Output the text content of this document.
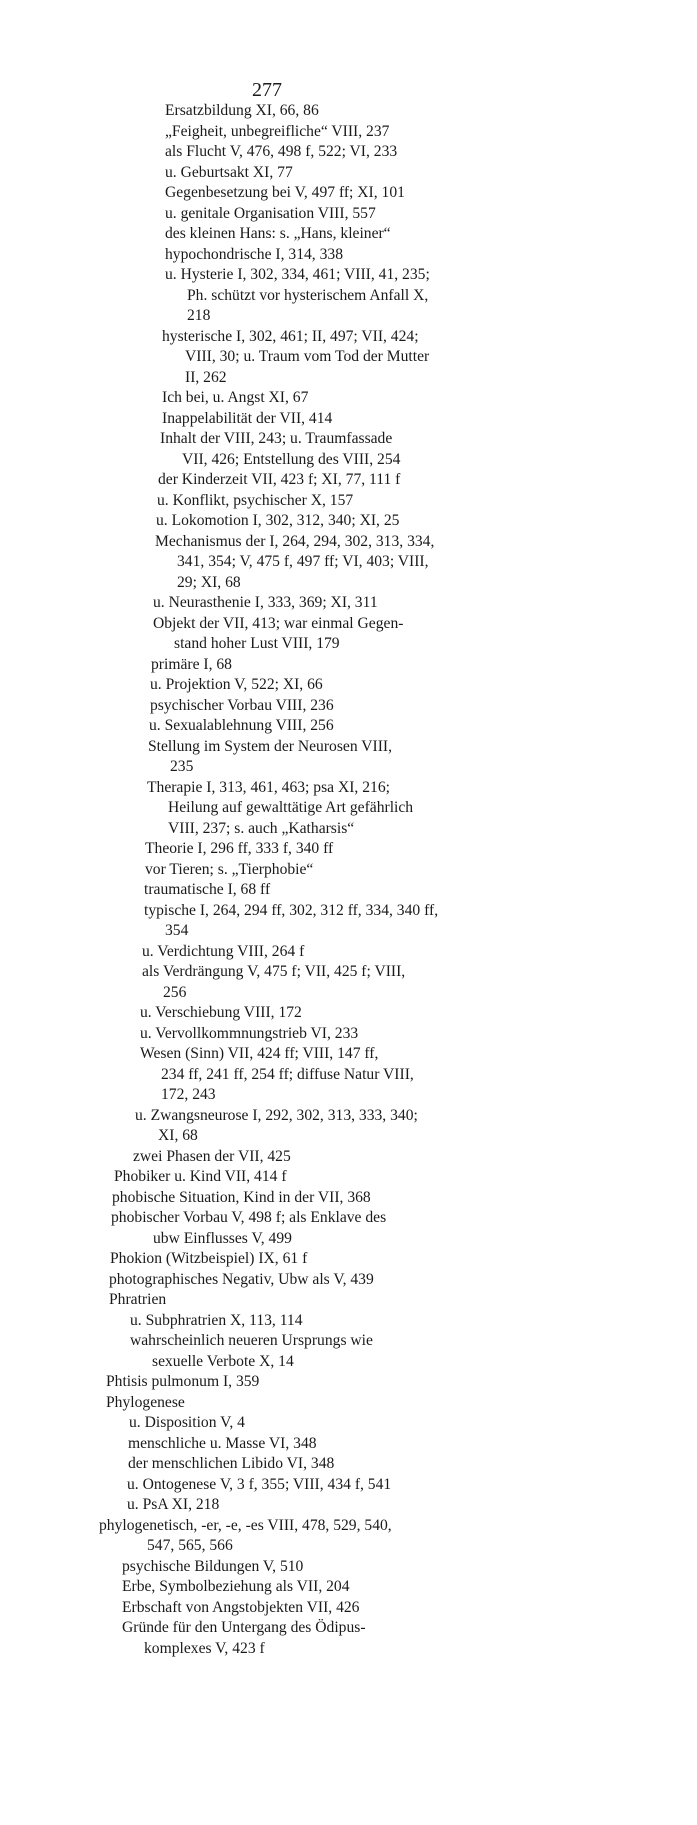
277
Ersatzbildung XI, 66, 86
„Feigheit, unbegreifliche“ VIII, 237
als Flucht V, 476, 498 f, 522; VI, 233
u. Geburtsakt XI, 77
Gegenbesetzung bei V, 497 ff; XI, 101
u. genitale Organisation VIII, 557
des kleinen Hans: s. „Hans, kleiner“
hypochondrische I, 314, 338
u. Hysterie I, 302, 334, 461; VIII, 41, 235;
Ph. schützt vor hysterischem Anfall X,
218
hysterische I, 302, 461; II, 497; VII, 424;
VIII, 30; u. Traum vom Tod der Mutter
II, 262
Ich bei, u. Angst XI, 67
Inappelabilität der VII, 414
Inhalt der VIII, 243; u. Traumfassade
VII, 426; Entstellung des VIII, 254
der Kinderzeit VII, 423 f; XI, 77, 111 f
u. Konflikt, psychischer X, 157
u. Lokomotion I, 302, 312, 340; XI, 25
Mechanismus der I, 264, 294, 302, 313, 334,
341, 354; V, 475 f, 497 ff; VI, 403; VIII,
29; XI, 68
u. Neurasthenie I, 333, 369; XI, 311
Objekt der VII, 413; war einmal Gegen-
stand hoher Lust VIII, 179
primäre I, 68
u. Projektion V, 522; XI, 66
psychischer Vorbau VIII, 236
u. Sexualablehnung VIII, 256
Stellung im System der Neurosen VIII,
235
Therapie I, 313, 461, 463; psa XI, 216;
Heilung auf gewalttätige Art gefährlich
VIII, 237; s. auch „Katharsis“
Theorie I, 296 ff, 333 f, 340 ff
vor Tieren; s. „Tierphobie“
traumatische I, 68 ff
typische I, 264, 294 ff, 302, 312 ff, 334, 340 ff,
354
u. Verdichtung VIII, 264 f
als Verdrängung V, 475 f; VII, 425 f; VIII,
256
u. Verschiebung VIII, 172
u. Vervollkommnungstrieb VI, 233
Wesen (Sinn) VII, 424 ff; VIII, 147 ff,
234 ff, 241 ff, 254 ff; diffuse Natur VIII,
172, 243
u. Zwangsneurose I, 292, 302, 313, 333, 340;
XI, 68
zwei Phasen der VII, 425
Phobiker u. Kind VII, 414 f
phobische Situation, Kind in der VII, 368
phobischer Vorbau V, 498 f; als Enklave des
ubw Einflusses V, 499
Phokion (Witzbeispiel) IX, 61 f
photographisches Negativ, Ubw als V, 439
Phratrien
u. Subphratrien X, 113, 114
wahrscheinlich neueren Ursprungs wie
sexuelle Verbote X, 14
Phtisis pulmonum I, 359
Phylogenese
u. Disposition V, 4
menschliche u. Masse VI, 348
der menschlichen Libido VI, 348
u. Ontogenese V, 3 f, 355; VIII, 434 f, 541
u. PsA XI, 218
phylogenetisch, -er, -e, -es VIII, 478, 529, 540,
547, 565, 566
psychische Bildungen V, 510
Erbe, Symbolbeziehung als VII, 204
Erbschaft von Angstobjekten VII, 426
Gründe für den Untergang des Ödipus-
komplexes V, 423 f
